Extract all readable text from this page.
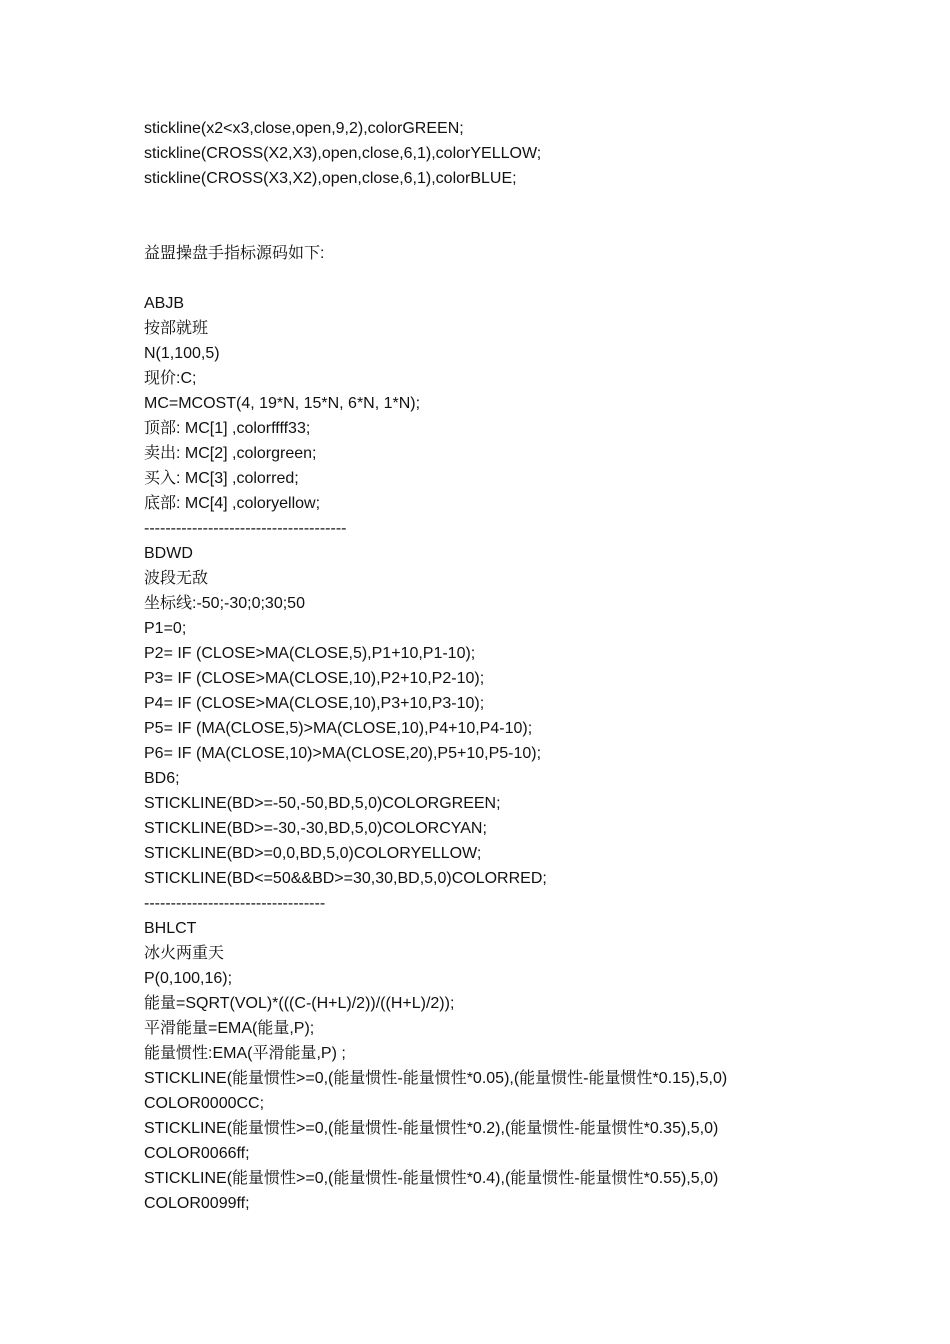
stickline(x2<x3,close,open,9,2),colorGREEN;
stickline(CROSS(X2,X3),open,close,6,1),colorYELLOW;
stickline(CROSS(X3,X2),open,close,6,1),colorBLUE;
益盟操盘手指标源码如下:
ABJB
按部就班
N(1,100,5)
现价:C;
MC=MCOST(4, 19*N, 15*N, 6*N, 1*N);
顶部: MC[1] ,colorffff33;
卖出: MC[2] ,colorgreen;
买入: MC[3] ,colorred;
底部: MC[4] ,coloryellow;
--------------------------------------
BDWD
波段无敌
坐标线:-50;-30;0;30;50
P1=0;
P2= IF (CLOSE>MA(CLOSE,5),P1+10,P1-10);
P3= IF (CLOSE>MA(CLOSE,10),P2+10,P2-10);
P4= IF (CLOSE>MA(CLOSE,10),P3+10,P3-10);
P5= IF (MA(CLOSE,5)>MA(CLOSE,10),P4+10,P4-10);
P6= IF (MA(CLOSE,10)>MA(CLOSE,20),P5+10,P5-10);
BD6;
STICKLINE(BD>=-50,-50,BD,5,0)COLORGREEN;
STICKLINE(BD>=-30,-30,BD,5,0)COLORCYAN;
STICKLINE(BD>=0,0,BD,5,0)COLORYELLOW;
STICKLINE(BD<=50&&BD>=30,30,BD,5,0)COLORRED;
----------------------------------
BHLCT
冰火两重天
P(0,100,16);
能量=SQRT(VOL)*(((C-(H+L)/2))/((H+L)/2));
平滑能量=EMA(能量,P);
能量惯性:EMA(平滑能量,P) ;
STICKLINE(能量惯性>=0,(能量惯性-能量惯性*0.05),(能量惯性-能量惯性*0.15),5,0)
COLOR0000CC;
STICKLINE(能量惯性>=0,(能量惯性-能量惯性*0.2),(能量惯性-能量惯性*0.35),5,0)
COLOR0066ff;
STICKLINE(能量惯性>=0,(能量惯性-能量惯性*0.4),(能量惯性-能量惯性*0.55),5,0)
COLOR0099ff;
